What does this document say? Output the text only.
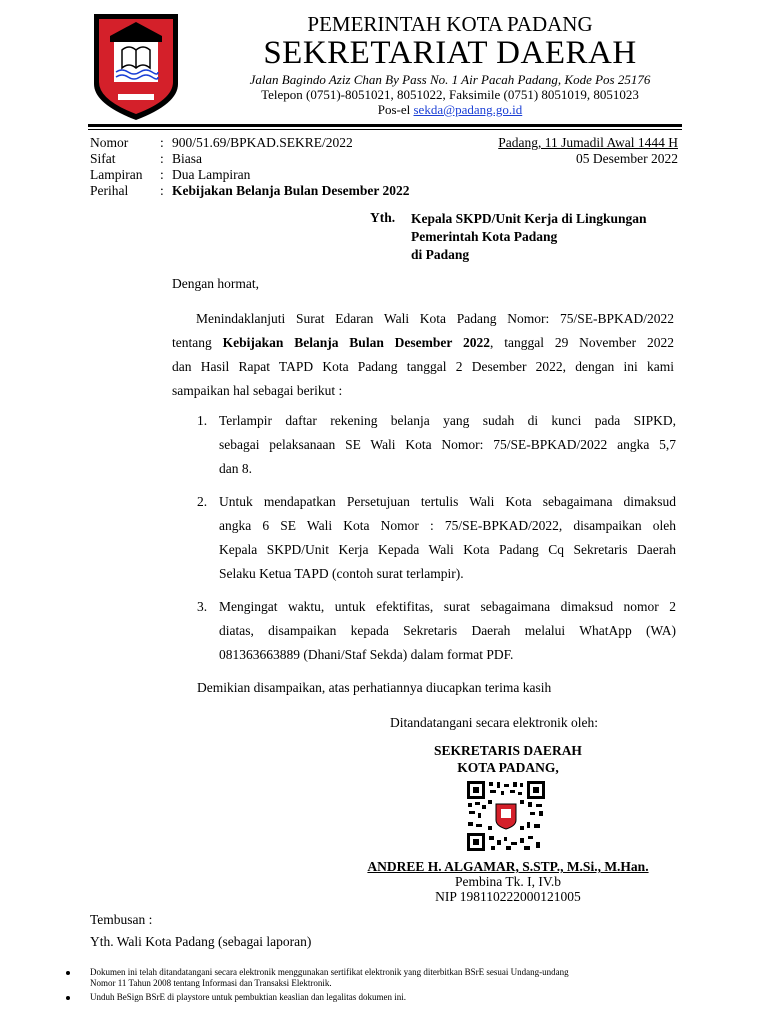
PEMERINTAH KOTA PADANG
SEKRETARIAT DAERAH
Jalan Bagindo Aziz Chan By Pass No. 1 Air Pacah Padang, Kode Pos 25176
Telepon (0751)-8051021, 8051022, Faksimile (0751) 8051019, 8051023
Pos-el sekda@padang.go.id
Nomor
Sifat
Lampiran
Perihal
:
:
:
:
900/51.69/BPKAD.SEKRE/2022
Biasa
Dua Lampiran
Kebijakan Belanja Bulan Desember 2022
Padang, 11 Jumadil Awal 1444 H
05 Desember 2022
Yth. Kepala SKPD/Unit Kerja di Lingkungan
Pemerintah Kota Padang
di Padang
Dengan hormat,
Menindaklanjuti Surat Edaran Wali Kota Padang Nomor: 75/SE-BPKAD/2022
tentang Kebijakan Belanja Bulan Desember 2022, tanggal 29 November 2022
dan Hasil Rapat TAPD Kota Padang tanggal 2 Desember 2022, dengan ini kami
sampaikan hal sebagai berikut :
1. Terlampir daftar rekening belanja yang sudah di kunci pada SIPKD,
sebagai pelaksanaan SE Wali Kota Nomor: 75/SE-BPKAD/2022 angka 5,7
dan 8.
2. Untuk mendapatkan Persetujuan tertulis Wali Kota sebagaimana dimaksud
angka 6 SE Wali Kota Nomor : 75/SE-BPKAD/2022, disampaikan oleh
Kepala SKPD/Unit Kerja Kepada Wali Kota Padang Cq Sekretaris Daerah
Selaku Ketua TAPD (contoh surat terlampir).
3. Mengingat waktu, untuk efektifitas, surat sebagaimana dimaksud nomor 2
diatas, disampaikan kepada Sekretaris Daerah melalui WhatApp (WA)
081363663889 (Dhani/Staf Sekda) dalam format PDF.
Demikian disampaikan, atas perhatiannya diucapkan terima kasih
Ditandatangani secara elektronik oleh:
SEKRETARIS DAERAH
KOTA PADANG,
ANDREE H. ALGAMAR, S.STP., M.Si., M.Han.
Pembina Tk. I, IV.b
NIP 198110222000121005
Tembusan :
Yth. Wali Kota Padang (sebagai laporan)
Dokumen ini telah ditandatangani secara elektronik menggunakan sertifikat elektronik yang diterbitkan BSrE sesuai Undang-undang
Nomor 11 Tahun 2008 tentang Informasi dan Transaksi Elektronik.
Unduh BeSign BSrE di playstore untuk pembuktian keaslian dan legalitas dokumen ini.
